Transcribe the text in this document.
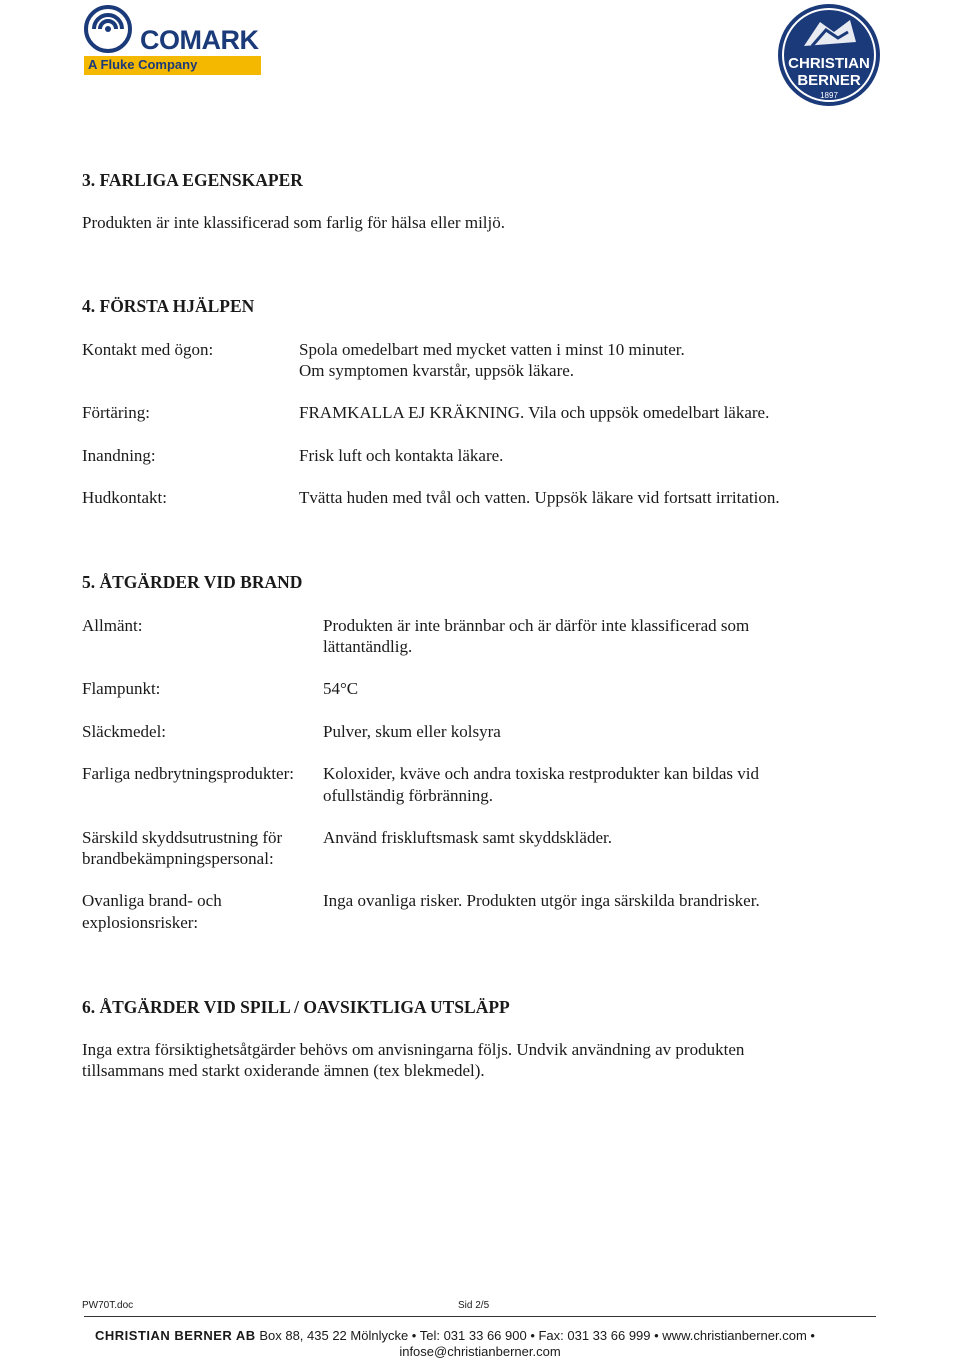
COMARK
A Fluke Company	CHRISTIAN
BERNER
1897
3. FARLIGA EGENSKAPER
Produkten är inte klassificerad som farlig för hälsa eller miljö.
4. FÖRSTA HJÄLPEN
Kontakt med ögon:	Spola omedelbart med mycket vatten i minst 10 minuter.
Om symptomen kvarstår, uppsök läkare.
Förtäring:	FRAMKALLA EJ KRÄKNING. Vila och uppsök omedelbart läkare.
Inandning:	Frisk luft och kontakta läkare.
Hudkontakt:	Tvätta huden med tvål och vatten. Uppsök läkare vid fortsatt irritation.
5. ÅTGÄRDER VID BRAND
Allmänt:	Produkten är inte brännbar och är därför inte klassificerad som
lättantändlig.
Flampunkt:	54°C
Släckmedel:	Pulver, skum eller kolsyra
Farliga nedbrytningsprodukter: Koloxider, kväve och andra toxiska restprodukter kan bildas vid
ofullständig förbränning.
Särskild skyddsutrustning för
brandbekämpningspersonal:
Använd friskluftsmask samt skyddskläder.
Ovanliga brand- och
explosionsrisker:
Inga ovanliga risker. Produkten utgör inga särskilda brandrisker.
6. ÅTGÄRDER VID SPILL / OAVSIKTLIGA UTSLÄPP
Inga extra försiktighetsåtgärder behövs om anvisningarna följs. Undvik användning av produkten
tillsammans med starkt oxiderande ämnen (tex blekmedel).
PW70T.doc	Sid 2/5
CHRISTIAN BERNER AB Box 88, 435 22 Mölnlycke • Tel: 031 33 66 900 • Fax: 031 33 66 999 • www.christianberner.com •
infose@christianberner.com
